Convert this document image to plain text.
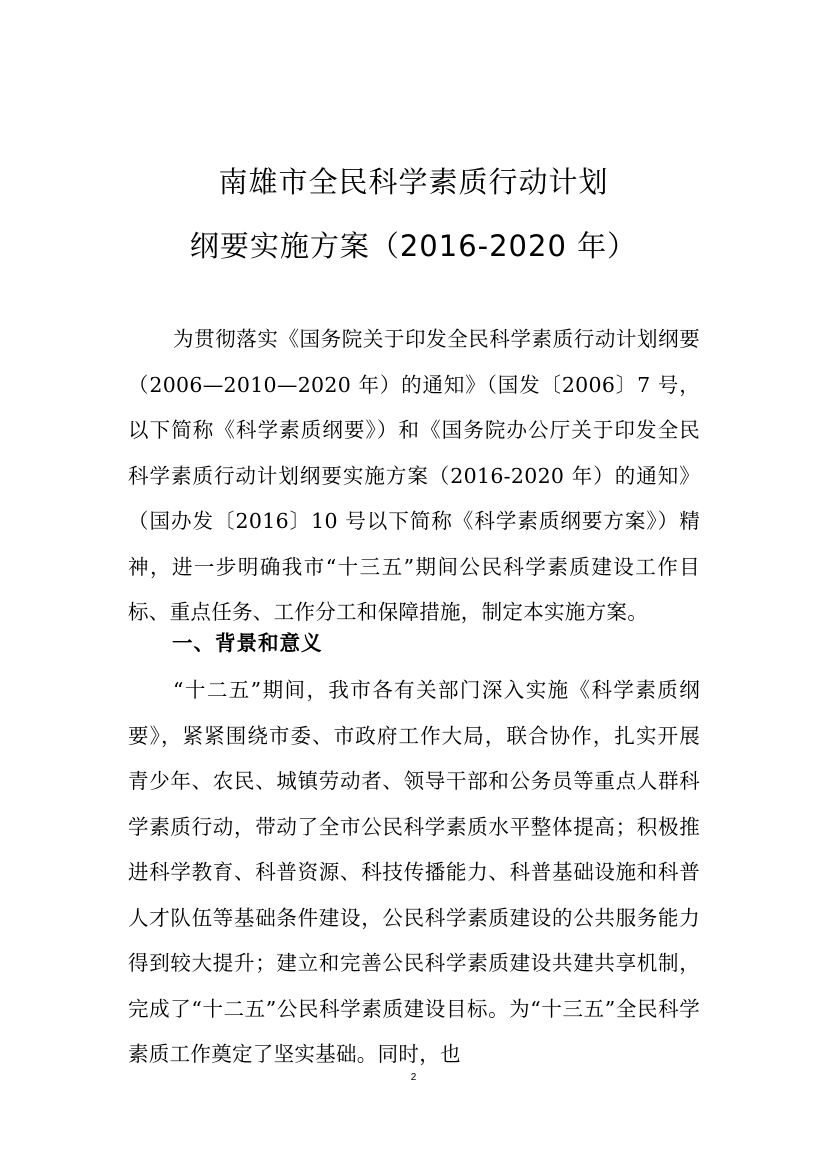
南雄市全民科学素质行动计划
纲要实施方案（2016-2020 年）

为贯彻落实《国务院关于印发全民科学素质行动计划纲要（2006—2010—2020 年）的通知》（国发〔2006〕7 号，以下简称《科学素质纲要》）和《国务院办公厅关于印发全民科学素质行动计划纲要实施方案（2016-2020 年）的通知》（国办发〔2016〕10 号以下简称《科学素质纲要方案》）精神，进一步明确我市“十三五”期间公民科学素质建设工作目标、重点任务、工作分工和保障措施，制定本实施方案。

一、背景和意义

“十二五”期间，我市各有关部门深入实施《科学素质纲要》，紧紧围绕市委、市政府工作大局，联合协作，扎实开展青少年、农民、城镇劳动者、领导干部和公务员等重点人群科学素质行动，带动了全市公民科学素质水平整体提高；积极推进科学教育、科普资源、科技传播能力、科普基础设施和科普人才队伍等基础条件建设，公民科学素质建设的公共服务能力得到较大提升；建立和完善公民科学素质建设共建共享机制，完成了“十二五”公民科学素质建设目标。为“十三五”全民科学素质工作奠定了坚实基础。同时，也

2
